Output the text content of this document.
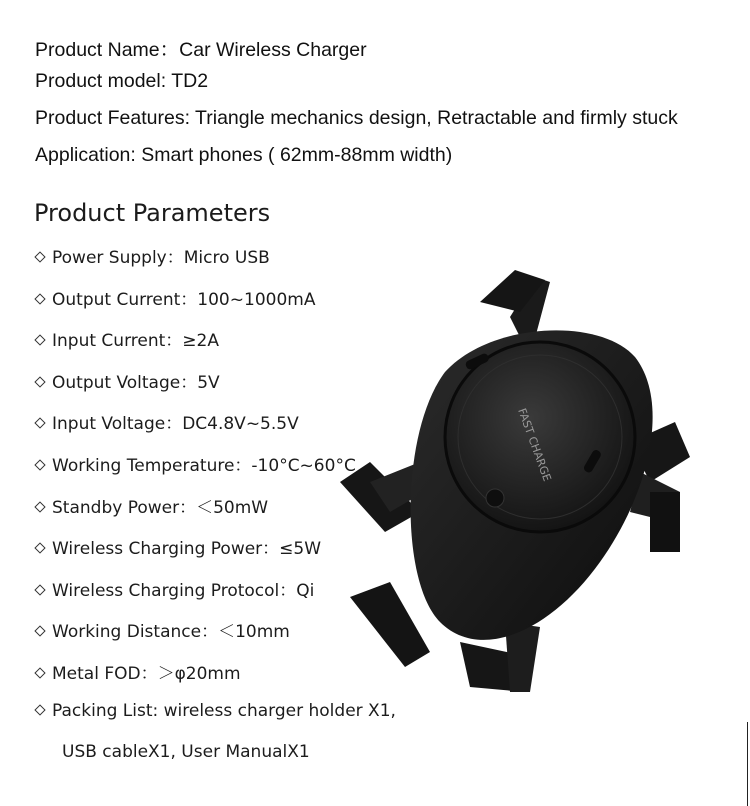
Product Name：Car Wireless Charger
Product model: TD2
Product Features: Triangle mechanics design, Retractable and firmly stuck
Application: Smart phones ( 62mm-88mm width)
Product Parameters
Power Supply：Micro USB
Output Current：100~1000mA
Input Current：≥2A
Output Voltage：5V
Input Voltage：DC4.8V~5.5V
Working Temperature：-10°C~60°C
Standby Power：＜50mW
Wireless Charging Power：≤5W
Wireless Charging Protocol：Qi
Working Distance：＜10mm
Metal FOD：＞φ20mm
Packing List: wireless charger holder X1,
USB cableX1, User ManualX1
FAST CHARGE
